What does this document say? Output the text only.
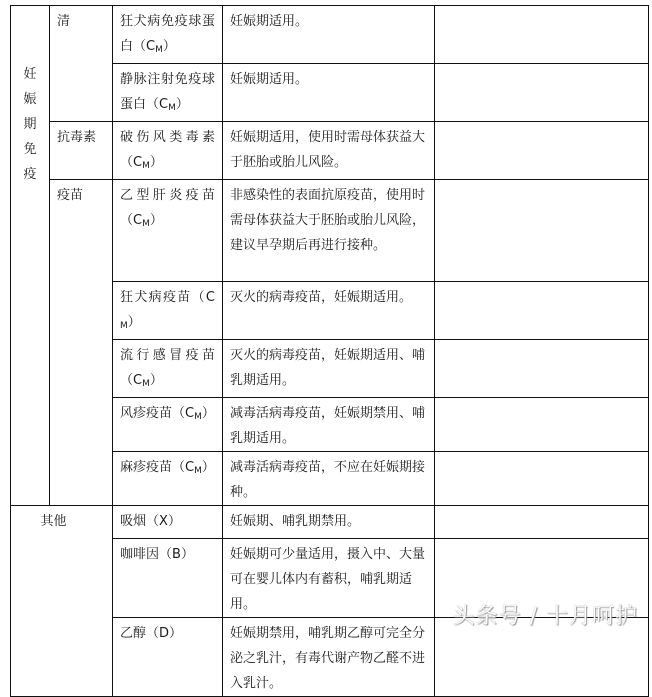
妊娠期免疫	清	狂犬病免疫球蛋白$(C_M)$	妊娠期适用。	
		静脉注射免疫球蛋白$(C_M)$	妊娠期适用。	
	抗毒素	破伤风类毒素$(C_M)$	妊娠期适用，使用时需母体获益大于胚胎或胎儿风险。	
	疫苗	乙型肝炎疫苗$(C_M)$	非感染性的表面抗原疫苗，使用时需母体获益大于胚胎或胎儿风险，建议早孕期后再进行接种。	
		狂犬病疫苗$(C_M)$	灭火的病毒疫苗，妊娠期适用。	
		流行感冒疫苗$(C_M)$	灭火的病毒疫苗，妊娠期适用、哺乳期适用。	
		风疹疫苗$(C_M)$	减毒活病毒疫苗，妊娠期禁用、哺乳期适用。	
		麻疹疫苗$(C_M)$	减毒活病毒疫苗，不应在妊娠期接种。	
其他		吸烟（X）	妊娠期、哺乳期禁用。	
		咖啡因（B）	妊娠期可少量适用，摄入中、大量可在婴儿体内有蓄积，哺乳期适用。	
		乙醇（D）	妊娠期禁用，哺乳期乙醇可完全分泌之乳汁，有毒代谢产物乙醛不进入乳汁。	
头条号 / 十月呵护
